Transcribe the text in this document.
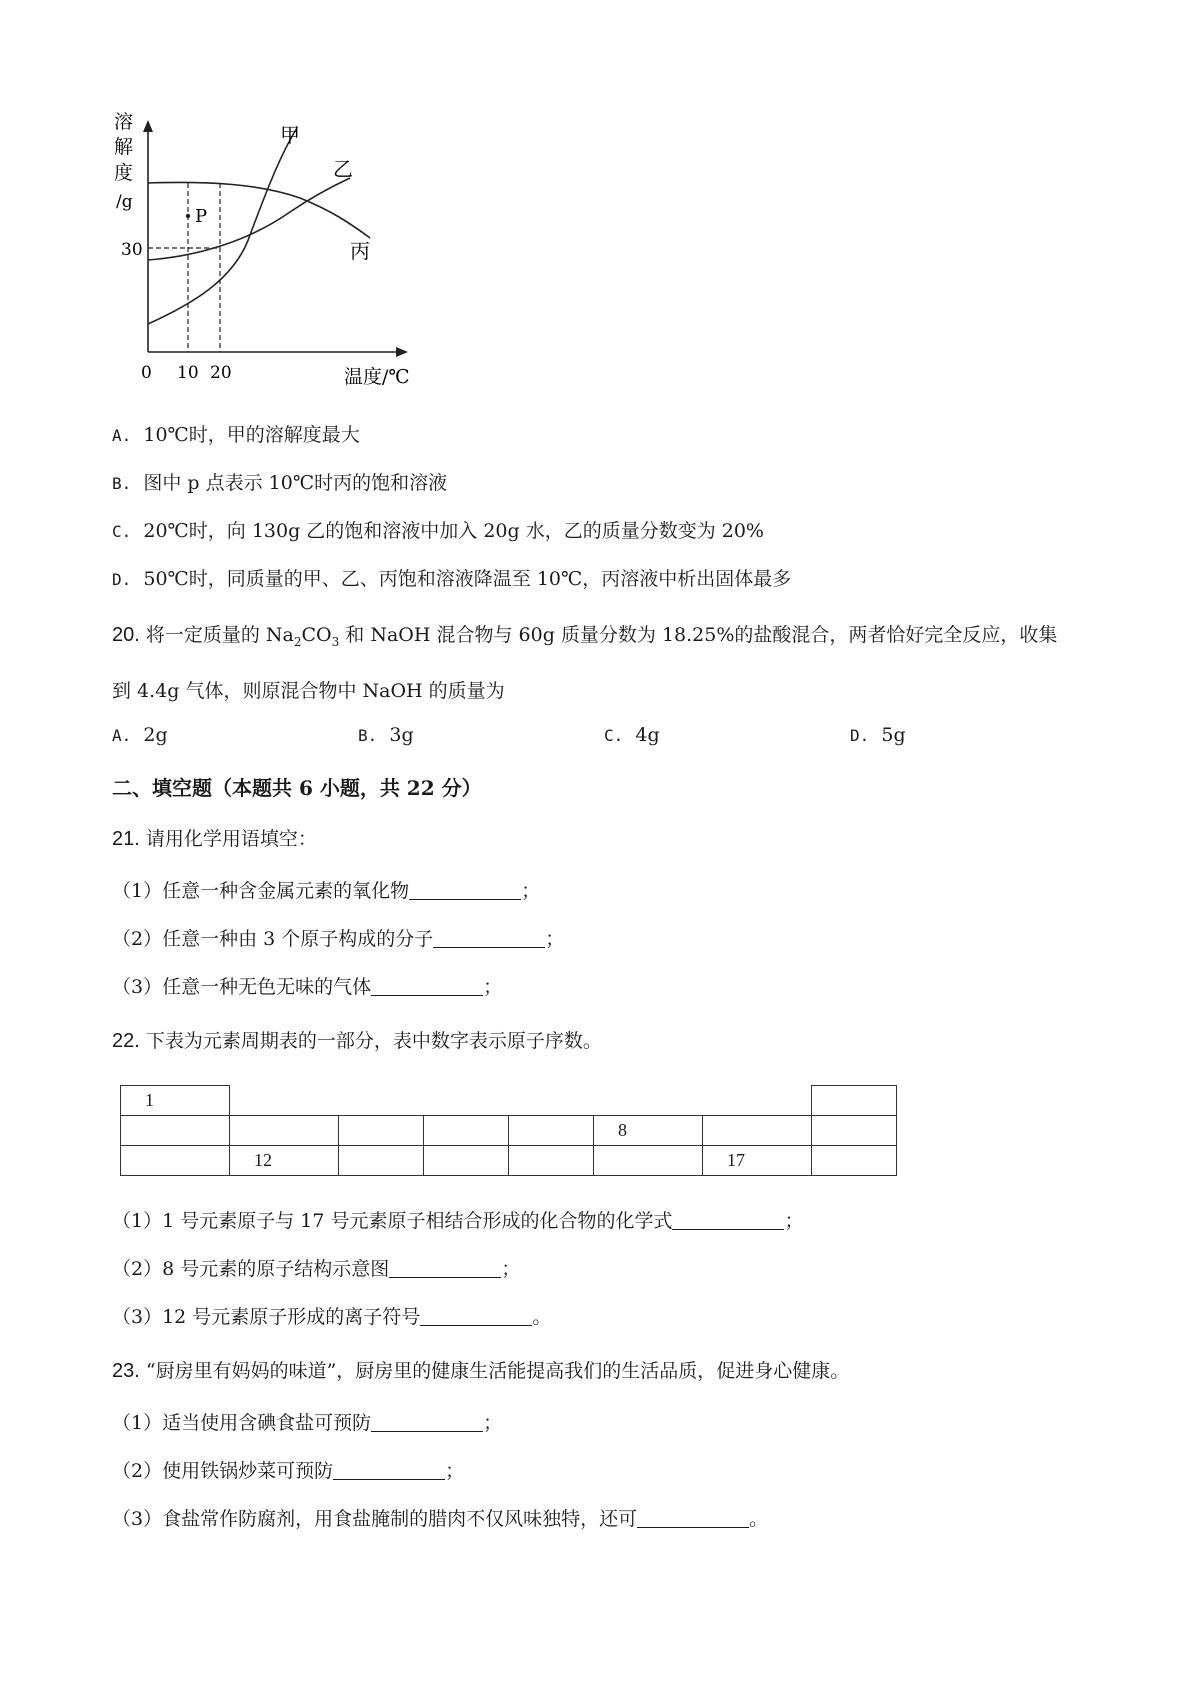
溶
解
度
/g
30
0 10 20	温度/℃
甲
乙
丙
P
A. 10℃时，甲的溶解度最大
B. 图中 p 点表示 10℃时丙的饱和溶液
C. 20℃时，向 130g 乙的饱和溶液中加入 20g 水，乙的质量分数变为 20%
D. 50℃时，同质量的甲、乙、丙饱和溶液降温至 10℃，丙溶液中析出固体最多
20. 将一定质量的 $Na_2CO_3$ 和 NaOH 混合物与 60g 质量分数为 18.25%的盐酸混合，两者恰好完全反应，收集
到 4.4g 气体，则原混合物中 NaOH 的质量为
A. 2g	B. 3g	C. 4g	D. 5g
二、填空题（本题共 6 小题，共 22 分）
21. 请用化学用语填空：
（1）任意一种含金属元素的氧化物	；
（2）任意一种由 3 个原子构成的分子	；
（3）任意一种无色无味的气体	；
22. 下表为元素周期表的一部分，表中数字表示原子序数。
1							
					8		
	12					17	
（1）1 号元素原子与 17 号元素原子相结合形成的化合物的化学式	；
（2）8 号元素的原子结构示意图	；
（3）12 号元素原子形成的离子符号	。
23. “厨房里有妈妈的味道”，厨房里的健康生活能提高我们的生活品质，促进身心健康。
（1）适当使用含碘食盐可预防	；
（2）使用铁锅炒菜可预防	；
（3）食盐常作防腐剂，用食盐腌制的腊肉不仅风味独特，还可	。
